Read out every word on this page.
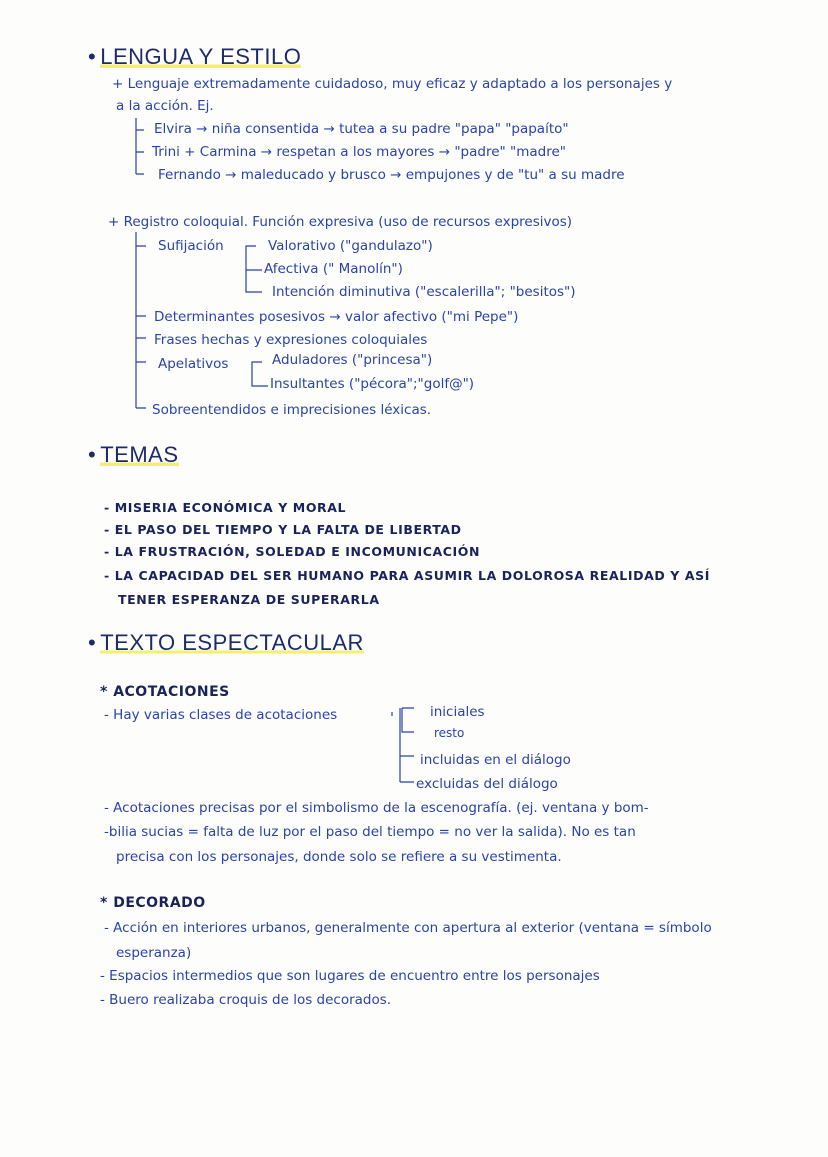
• LENGUA Y ESTILO
+ Lenguaje extremadamente cuidadoso, muy eficaz y adaptado a los personajes y
a la acción. Ej.
Elvira → niña consentida → tutea a su padre "papa" "papaíto"
Trini + Carmina → respetan a los mayores → "padre" "madre"
Fernando → maleducado y brusco → empujones y de "tu" a su madre
+ Registro coloquial. Función expresiva (uso de recursos expresivos)
Sufijación	Valorativo ("gandulazo")
Afectiva (" Manolín")
Intención diminutiva ("escalerilla"; "besitos")
Determinantes posesivos → valor afectivo ("mi Pepe")
Frases hechas y expresiones coloquiales
Apelativos	Aduladores ("princesa")
Insultantes ("pécora";"golf@")
Sobreentendidos e imprecisiones léxicas.
• TEMAS
- MISERIA ECONÓMICA Y MORAL
- EL PASO DEL TIEMPO Y LA FALTA DE LIBERTAD
- LA FRUSTRACIÓN, SOLEDAD E INCOMUNICACIÓN
- LA CAPACIDAD DEL SER HUMANO PARA ASUMIR LA DOLOROSA REALIDAD Y ASÍ
TENER ESPERANZA DE SUPERARLA
• TEXTO ESPECTACULAR
* ACOTACIONES
- Hay varias clases de acotaciones	iniciales
resto
incluidas en el diálogo
excluidas del diálogo
- Acotaciones precisas por el simbolismo de la escenografía. (ej. ventana y bom-
-bilia sucias = falta de luz por el paso del tiempo = no ver la salida). No es tan
precisa con los personajes, donde solo se refiere a su vestimenta.
* DECORADO
- Acción en interiores urbanos, generalmente con apertura al exterior (ventana = símbolo
esperanza)
- Espacios intermedios que son lugares de encuentro entre los personajes
- Buero realizaba croquis de los decorados.
